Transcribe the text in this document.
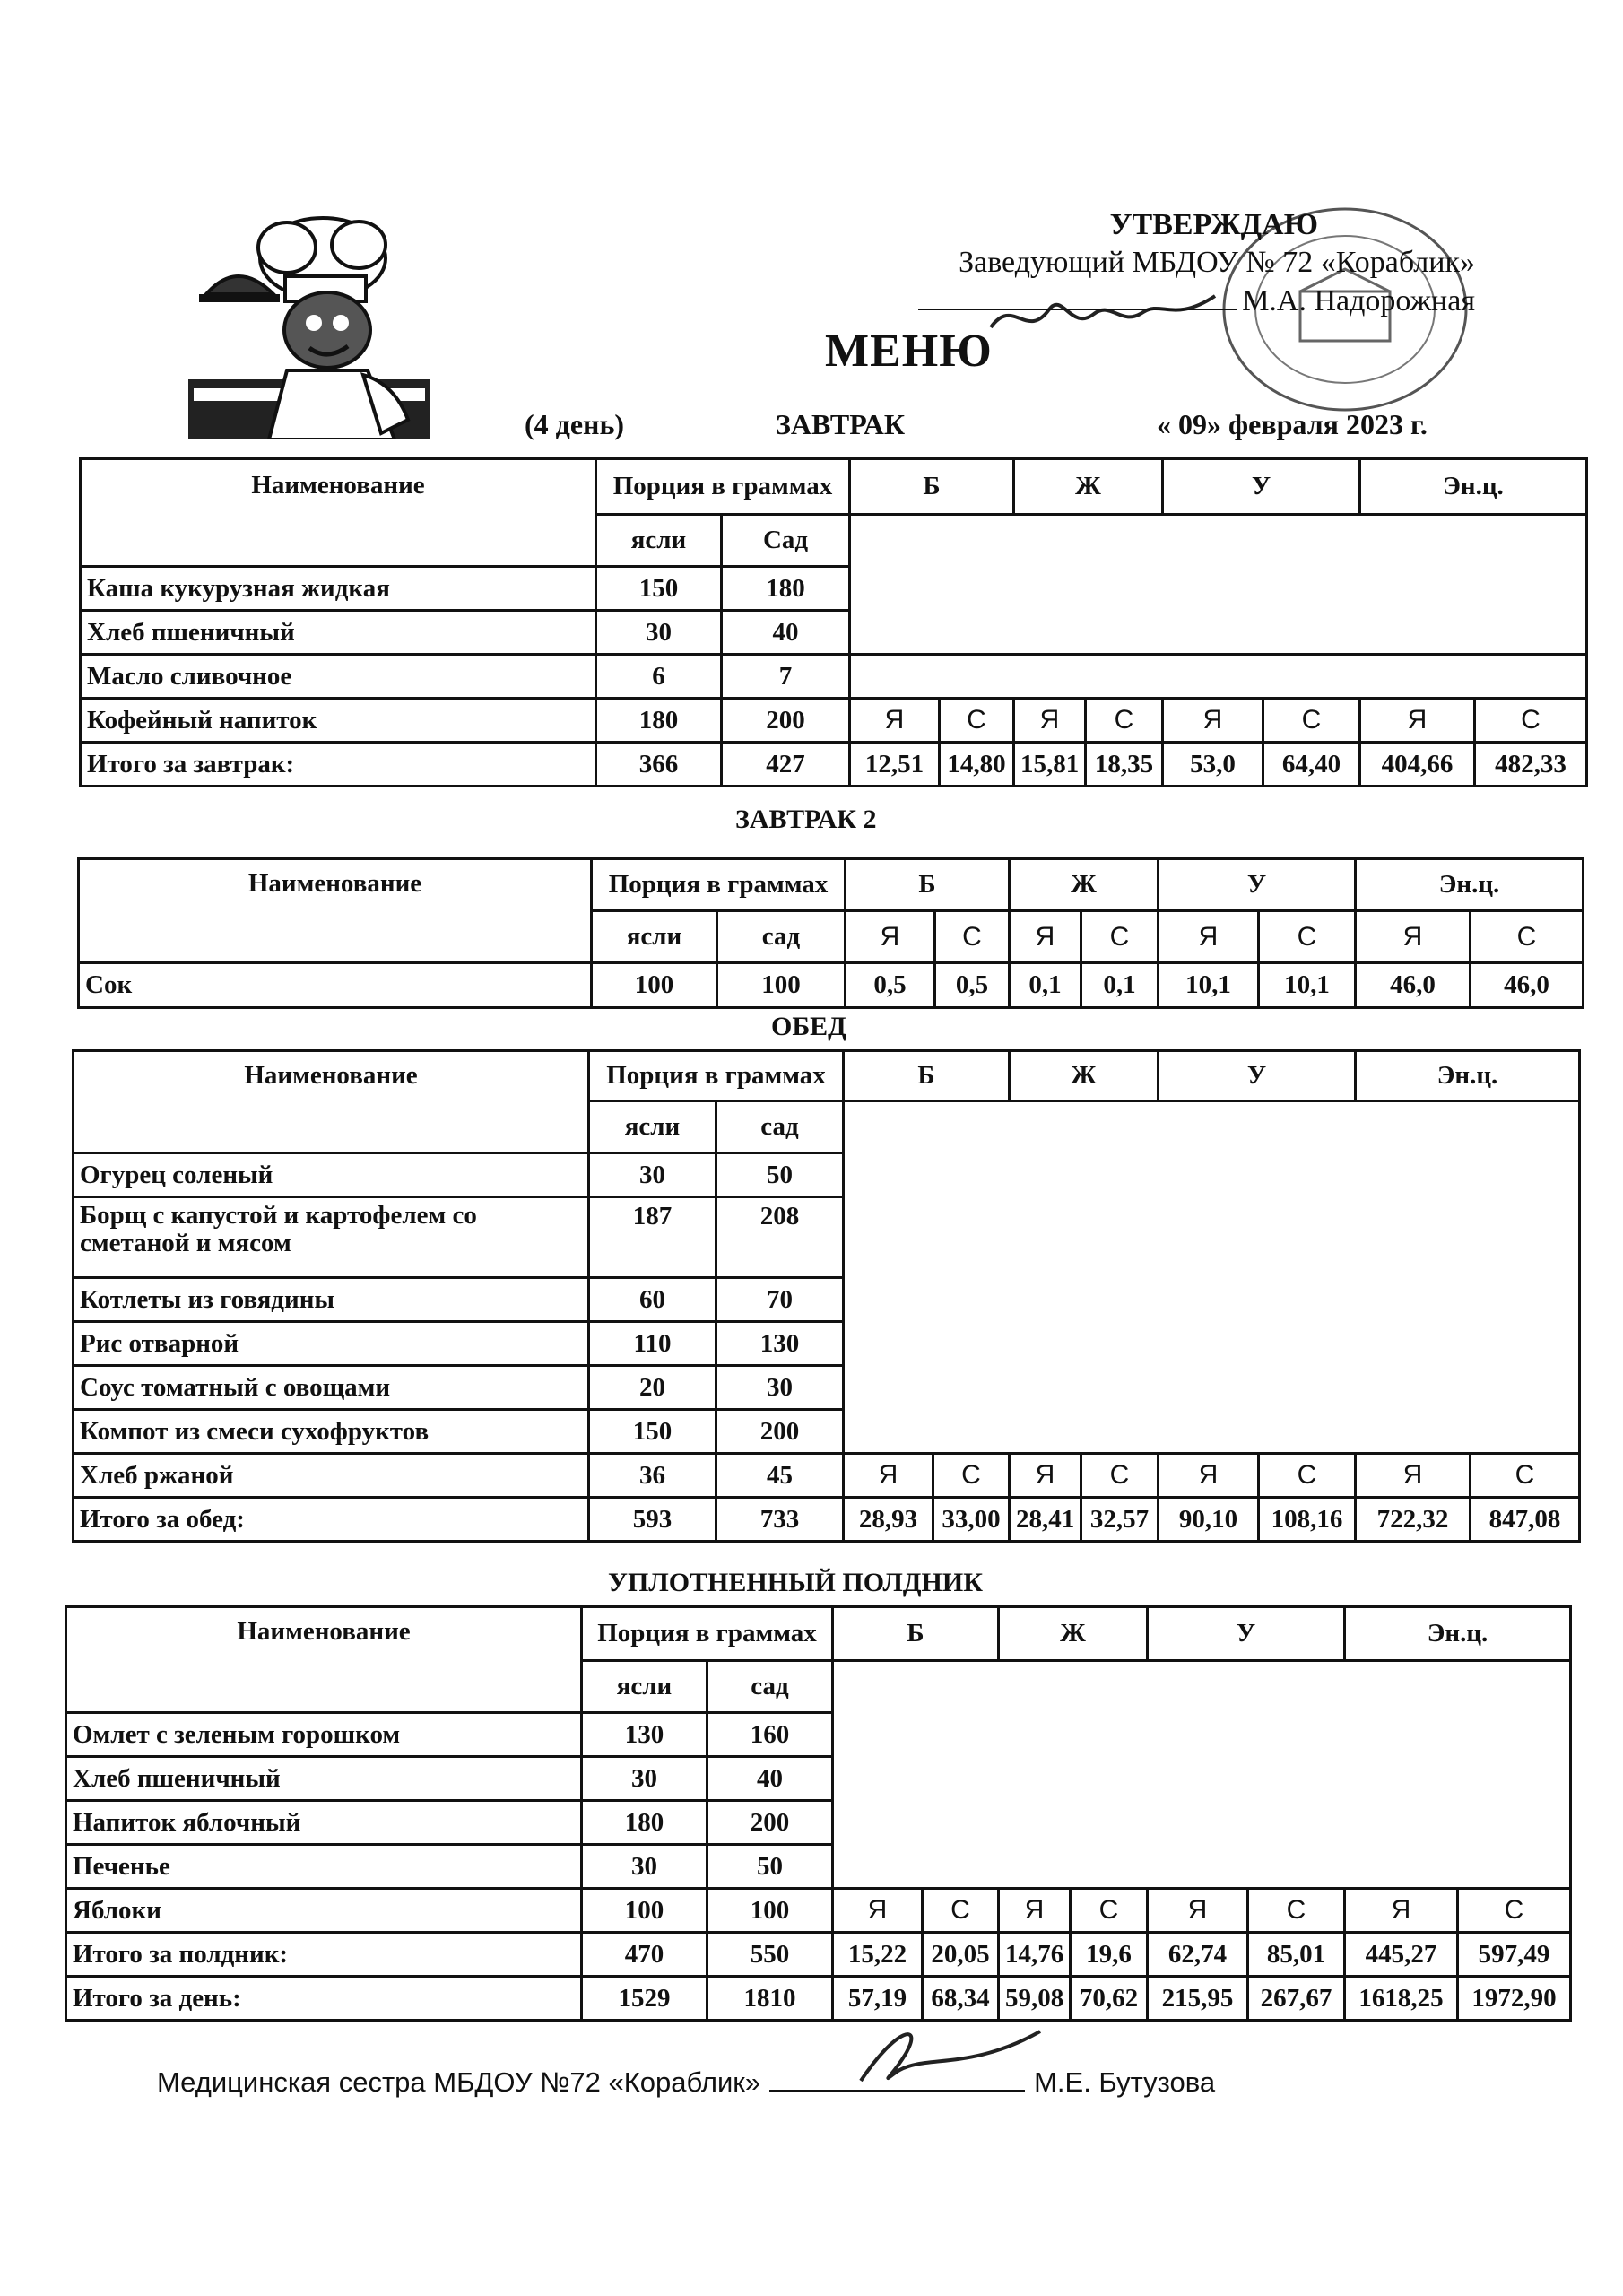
УТВЕРЖДАЮ
Заведующий МБДОУ № 72 «Кораблик»
М.А. Надорожная
МЕНЮ
(4 день)	ЗАВТРАК	« 09» февраля 2023 г.
Наименование	Порция в граммах		Б		Ж		У		Эн.ц.	
	ясли	Сад								
Каша кукурузная жидкая	150	180								
Хлеб пшеничный	30	40								
Масло сливочное	6	7								
Кофейный напиток	180	200	Я	С	Я	С	Я	С	Я	С
Итого за завтрак:	366	427	12,51	14,80	15,81	18,35	53,0	64,40	404,66	482,33
ЗАВТРАК 2
Наименование	Порция в граммах		Б		Ж		У		Эн.ц.	
	ясли	сад	Я	С	Я	С	Я	С	Я	С
Сок	100	100	0,5	0,5	0,1	0,1	10,1	10,1	46,0	46,0
ОБЕД
Наименование	Порция в граммах		Б		Ж		У		Эн.ц.	
	ясли	сад								
Огурец соленый	30	50								
Борщ с капустой и картофелем со сметаной и мясом	187	208								
Котлеты из говядины	60	70								
Рис отварной	110	130								
Соус томатный с овощами	20	30								
Компот из смеси сухофруктов	150	200								
Хлеб ржаной	36	45	Я	С	Я	С	Я	С	Я	С
Итого за обед:	593	733	28,93	33,00	28,41	32,57	90,10	108,16	722,32	847,08
УПЛОТНЕННЫЙ ПОЛДНИК
Наименование	Порция в граммах		Б		Ж		У		Эн.ц.	
	ясли	сад								
Омлет с зеленым горошком	130	160								
Хлеб пшеничный	30	40								
Напиток яблочный	180	200								
Печенье	30	50								
Яблоки	100	100	Я	С	Я	С	Я	С	Я	С
Итого за полдник:	470	550	15,22	20,05	14,76	19,6	62,74	85,01	445,27	597,49
Итого за день:	1529	1810	57,19	68,34	59,08	70,62	215,95	267,67	1618,25	1972,90
Медицинская сестра МБДОУ №72 «Кораблик»	М.Е. Бутузова
